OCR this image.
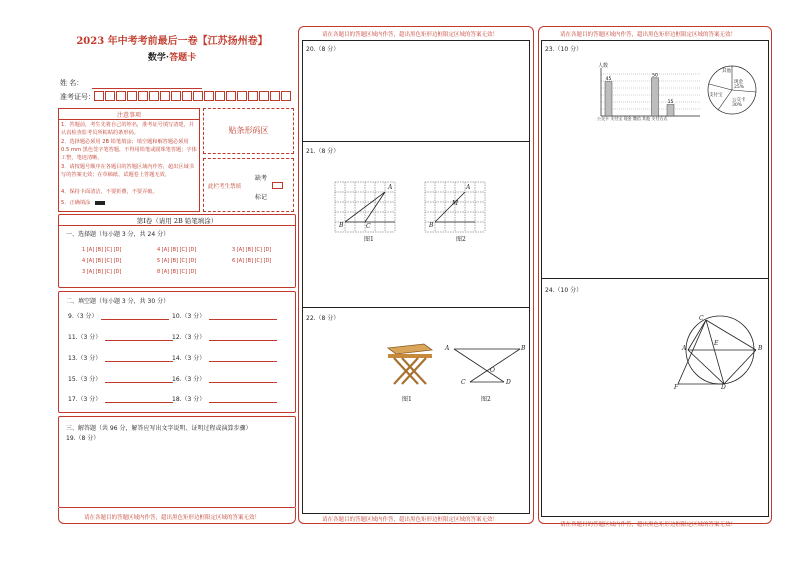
2023 年中考考前最后一卷【江苏扬州卷】
数学·答题卡
姓 名：
准考证号：
注意事项
1．答题前，考生先将自己的姓名，准考证号填写清楚，并认真检查监考员所粘贴的条形码。
2．选择题必须用 2B 铅笔填涂；填空题和解答题必须用 0.5 mm 黑色签字笔答题，不得用铅笔或圆珠笔答题；字体工整，笔迹清晰。
3．请按题号顺序在各题目的答题区域内作答，超出区域书写的答案无效；在草稿纸、试题卷上答题无效。
4．保持卡面清洁，不要折叠，不要弄破。
5．正确填涂
贴条形码区
缺考
此栏考生禁填
标记
第Ⅰ卷（请用 2B 铅笔填涂）
一、选择题（每小题 3 分，共 24 分）
1 [A] [B] [C] [D]	4 [A] [B] [C] [D]	3 [A] [B] [C] [D]
4 [A] [B] [C] [D]	5 [A] [B] [C] [D]	6 [A] [B] [C] [D]
3 [A] [B] [C] [D]	8 [A] [B] [C] [D]
二、填空题（每小题 3 分，共 30 分）
9.（3 分）	10.（3 分）
11.（3 分）	12.（3 分）
13.（3 分）	14.（3 分）
15.（3 分）	16.（3 分）
17.（3 分）	18.（3 分）
三、解答题（共 96 分，解答应写出文字说明、证明过程或演算步骤）
19.（8 分）
请在各题目的答题区域内作答，超出黑色矩形边框限定区域的答案无效！
请在各题目的答题区域内作答，超出黑色矩形边框限定区域的答案无效！
20.（8 分）
21.（8 分）
A
B	C
A
B
M
图1	图2
22.（8 分）
A	B
C	D
O
图1	图2
请在各题目的答题区域内作答，超出黑色矩形边框限定区域的答案无效！
请在各题目的答题区域内作答，超出黑色矩形边框限定区域的答案无效！
23.（10 分）
45
50
15
人数
公交卡 支付宝 现金 微信 其他 支付方式
其他
现金 25%
支付宝
公交卡 30%
24.（10 分）
A	B
C
D
E
F
请在各题目的答题区域内作答，超出黑色矩形边框限定区域的答案无效！
